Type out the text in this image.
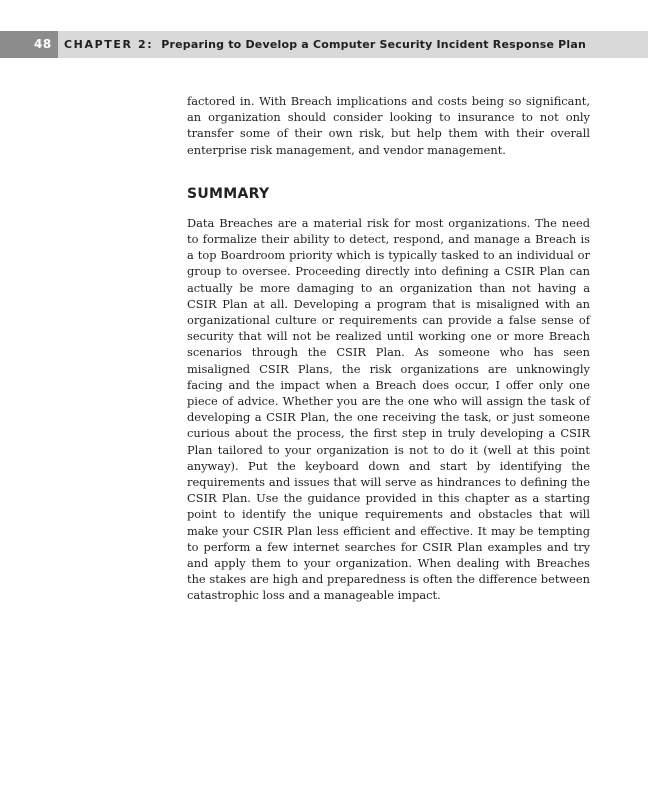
48 CHAPTER 2: Preparing to Develop a Computer Security Incident Response Plan

factored in. With Breach implications and costs being so significant, an organization should consider looking to insurance to not only transfer some of their own risk, but help them with their overall enterprise risk management, and vendor management.

SUMMARY

Data Breaches are a material risk for most organizations. The need to formalize their ability to detect, respond, and manage a Breach is a top Boardroom priority which is typically tasked to an individual or group to oversee. Proceeding directly into defining a CSIR Plan can actually be more damaging to an organization than not having a CSIR Plan at all. Developing a program that is misaligned with an organizational culture or requirements can provide a false sense of security that will not be realized until working one or more Breach scenarios through the CSIR Plan. As someone who has seen misaligned CSIR Plans, the risk organizations are unknowingly facing and the impact when a Breach does occur, I offer only one piece of advice. Whether you are the one who will assign the task of developing a CSIR Plan, the one receiving the task, or just someone curious about the process, the first step in truly developing a CSIR Plan tailored to your organization is not to do it (well at this point anyway). Put the keyboard down and start by identifying the requirements and issues that will serve as hindrances to defining the CSIR Plan. Use the guidance provided in this chapter as a starting point to identify the unique requirements and obstacles that will make your CSIR Plan less efficient and effective. It may be tempting to perform a few internet searches for CSIR Plan examples and try and apply them to your organization. When dealing with Breaches the stakes are high and preparedness is often the difference between catastrophic loss and a manageable impact.
